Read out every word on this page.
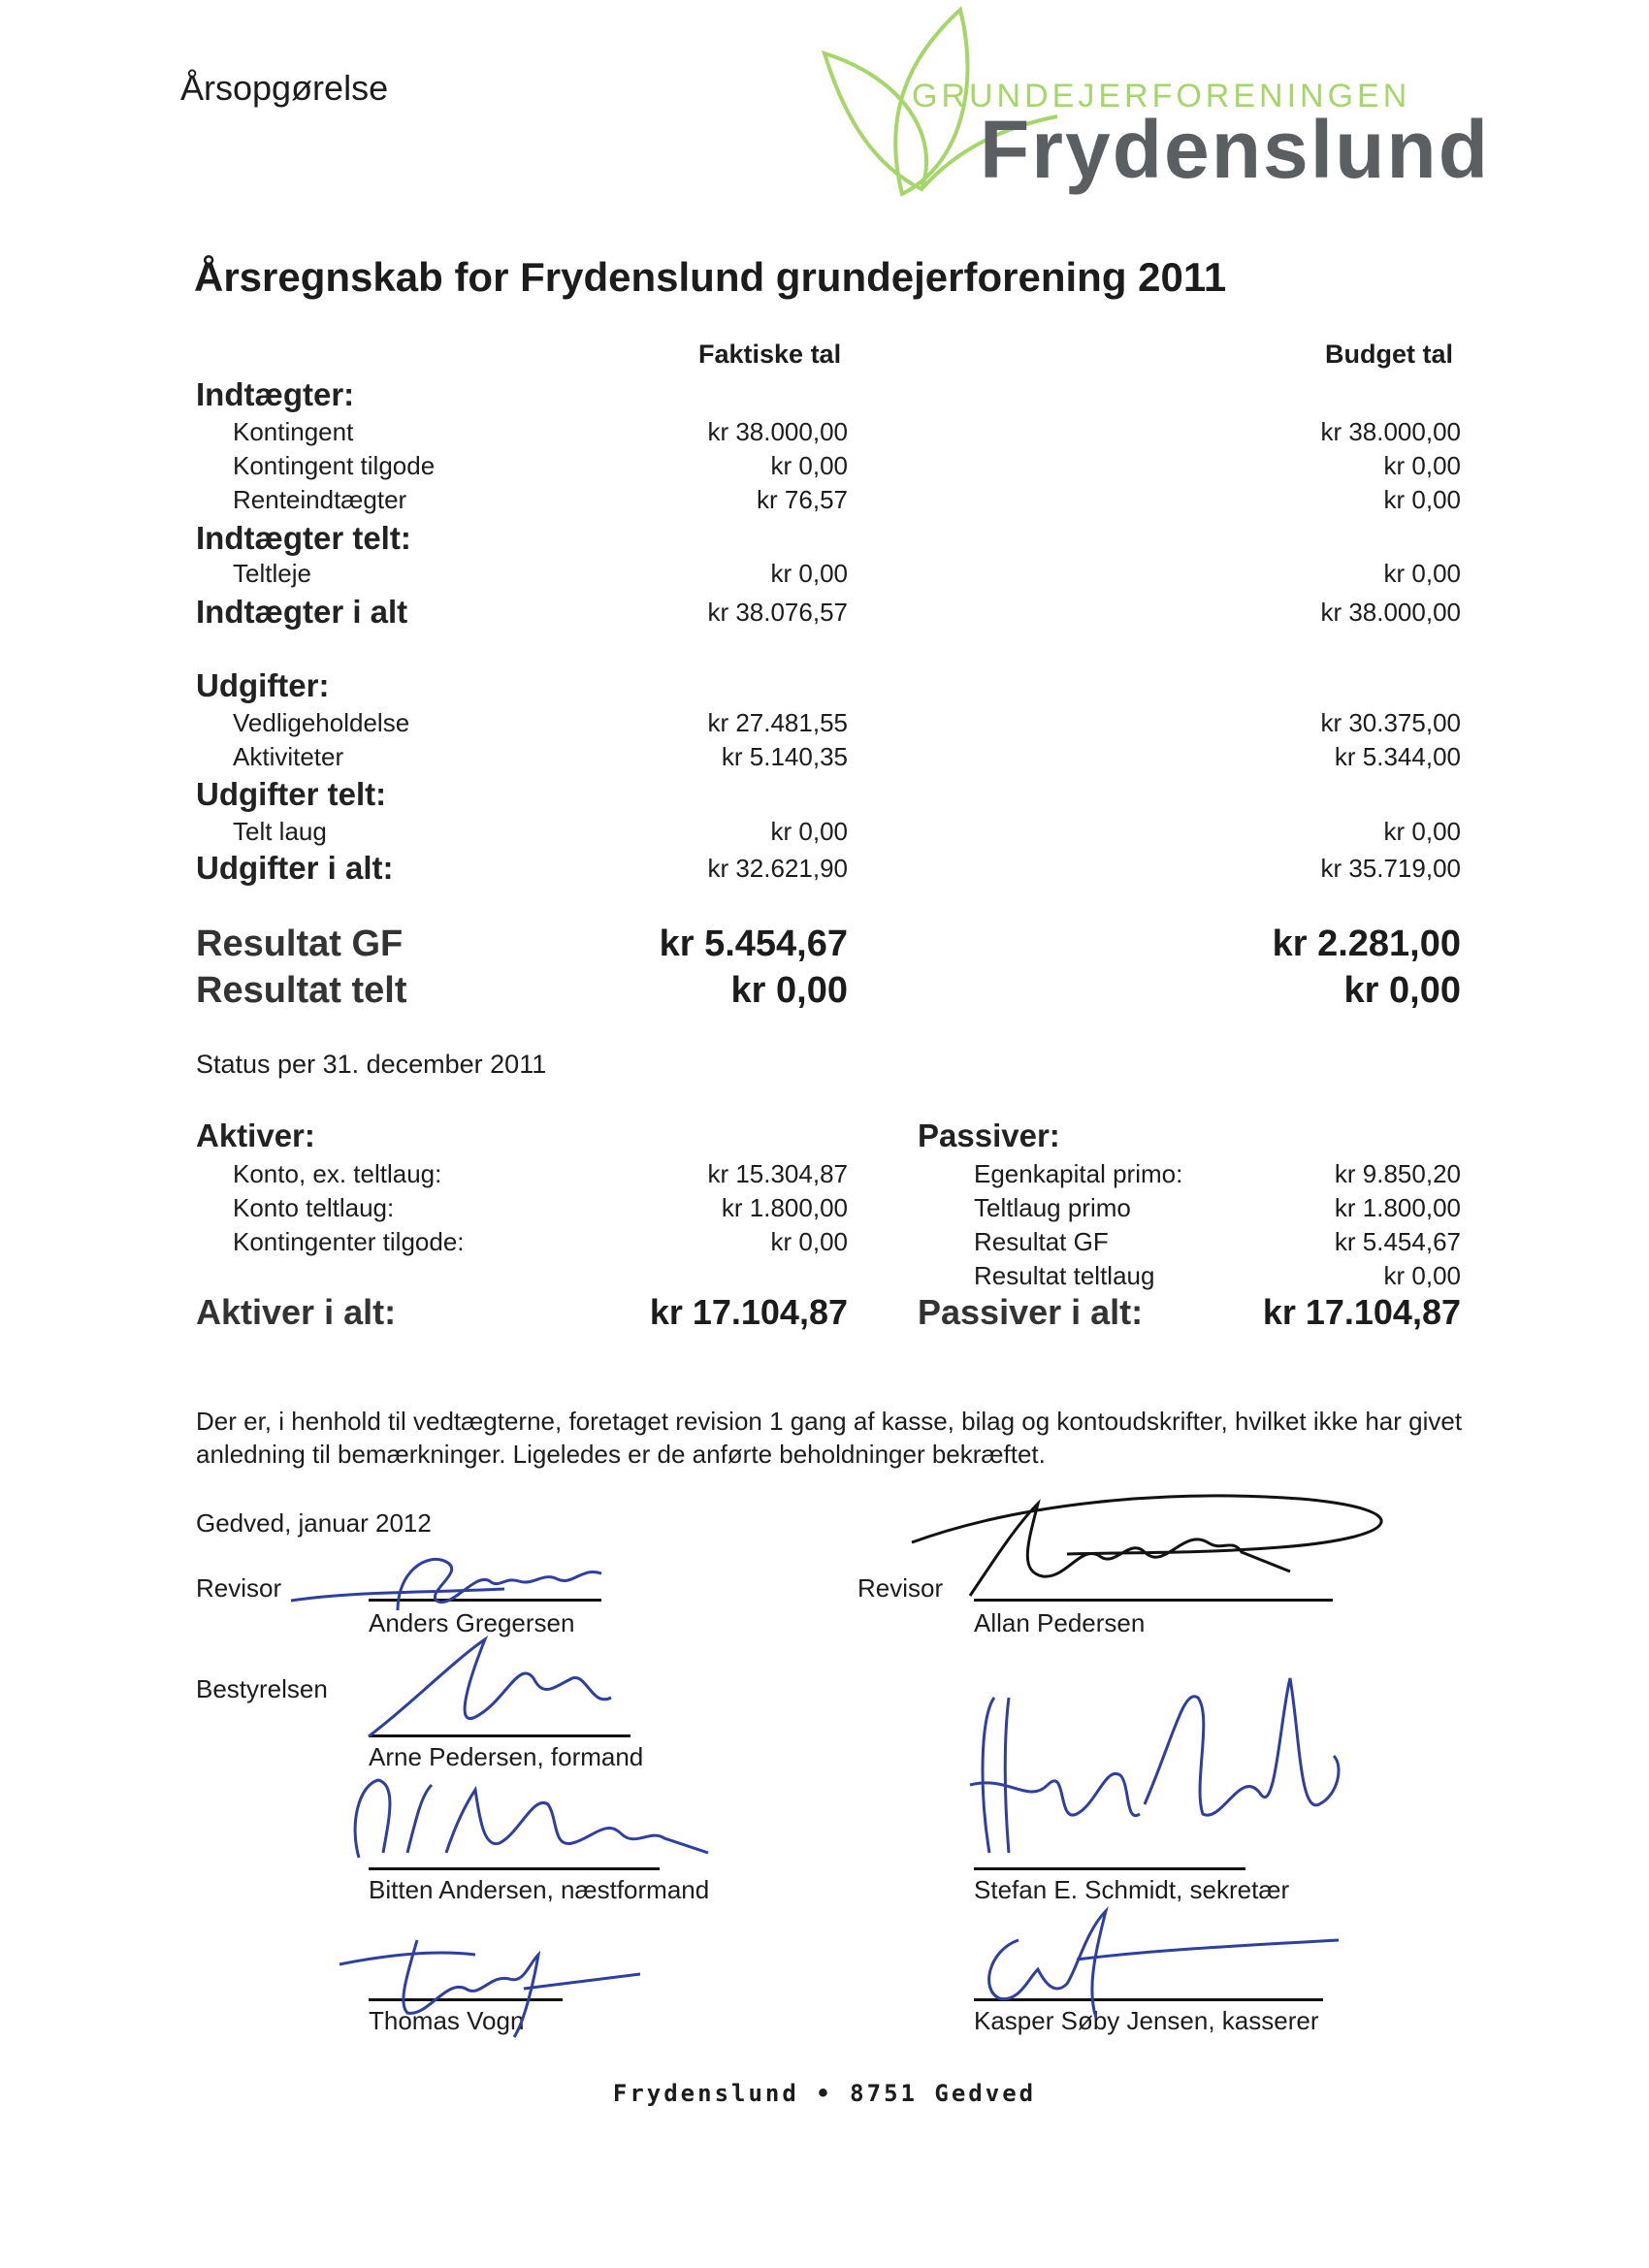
Årsopgørelse	GRUNDEJERFORENINGEN
Frydenslund
Årsregnskab for Frydenslund grundejerforening 2011
Faktiske tal	Budget tal
Indtægter:
Kontingent	kr 38.000,00	kr 38.000,00
Kontingent tilgode	kr 0,00	kr 0,00
Renteindtægter	kr 76,57	kr 0,00
Indtægter telt:
Teltleje	kr 0,00	kr 0,00
Indtægter i alt	kr 38.076,57	kr 38.000,00
Udgifter:
Vedligeholdelse	kr 27.481,55	kr 30.375,00
Aktiviteter	kr 5.140,35	kr 5.344,00
Udgifter telt:
Telt laug	kr 0,00	kr 0,00
Udgifter i alt:	kr 32.621,90	kr 35.719,00
Resultat GF	kr 5.454,67	kr 2.281,00
Resultat telt	kr 0,00	kr 0,00
Status per 31. december 2011
Aktiver:
Konto, ex. teltlaug:	kr 15.304,87
Konto teltlaug:	kr 1.800,00
Kontingenter tilgode:	kr 0,00
Aktiver i alt:	kr 17.104,87
Passiver:
Egenkapital primo:	kr 9.850,20
Teltlaug primo	kr 1.800,00
Resultat GF	kr 5.454,67
Resultat teltlaug	kr 0,00
Passiver i alt:	kr 17.104,87
Der er, i henhold til vedtægterne, foretaget revision 1 gang af kasse, bilag og kontoudskrifter, hvilket ikke har givet anledning til bemærkninger. Ligeledes er de anførte beholdninger bekræftet.
Gedved, januar 2012
Revisor
Anders Gregersen
Revisor
Allan Pedersen
Bestyrelsen
Arne Pedersen, formand
Bitten Andersen, næstformand
Thomas Vogn
Stefan E. Schmidt, sekretær
Kasper Søby Jensen, kasserer
Frydenslund • 8751 Gedved
